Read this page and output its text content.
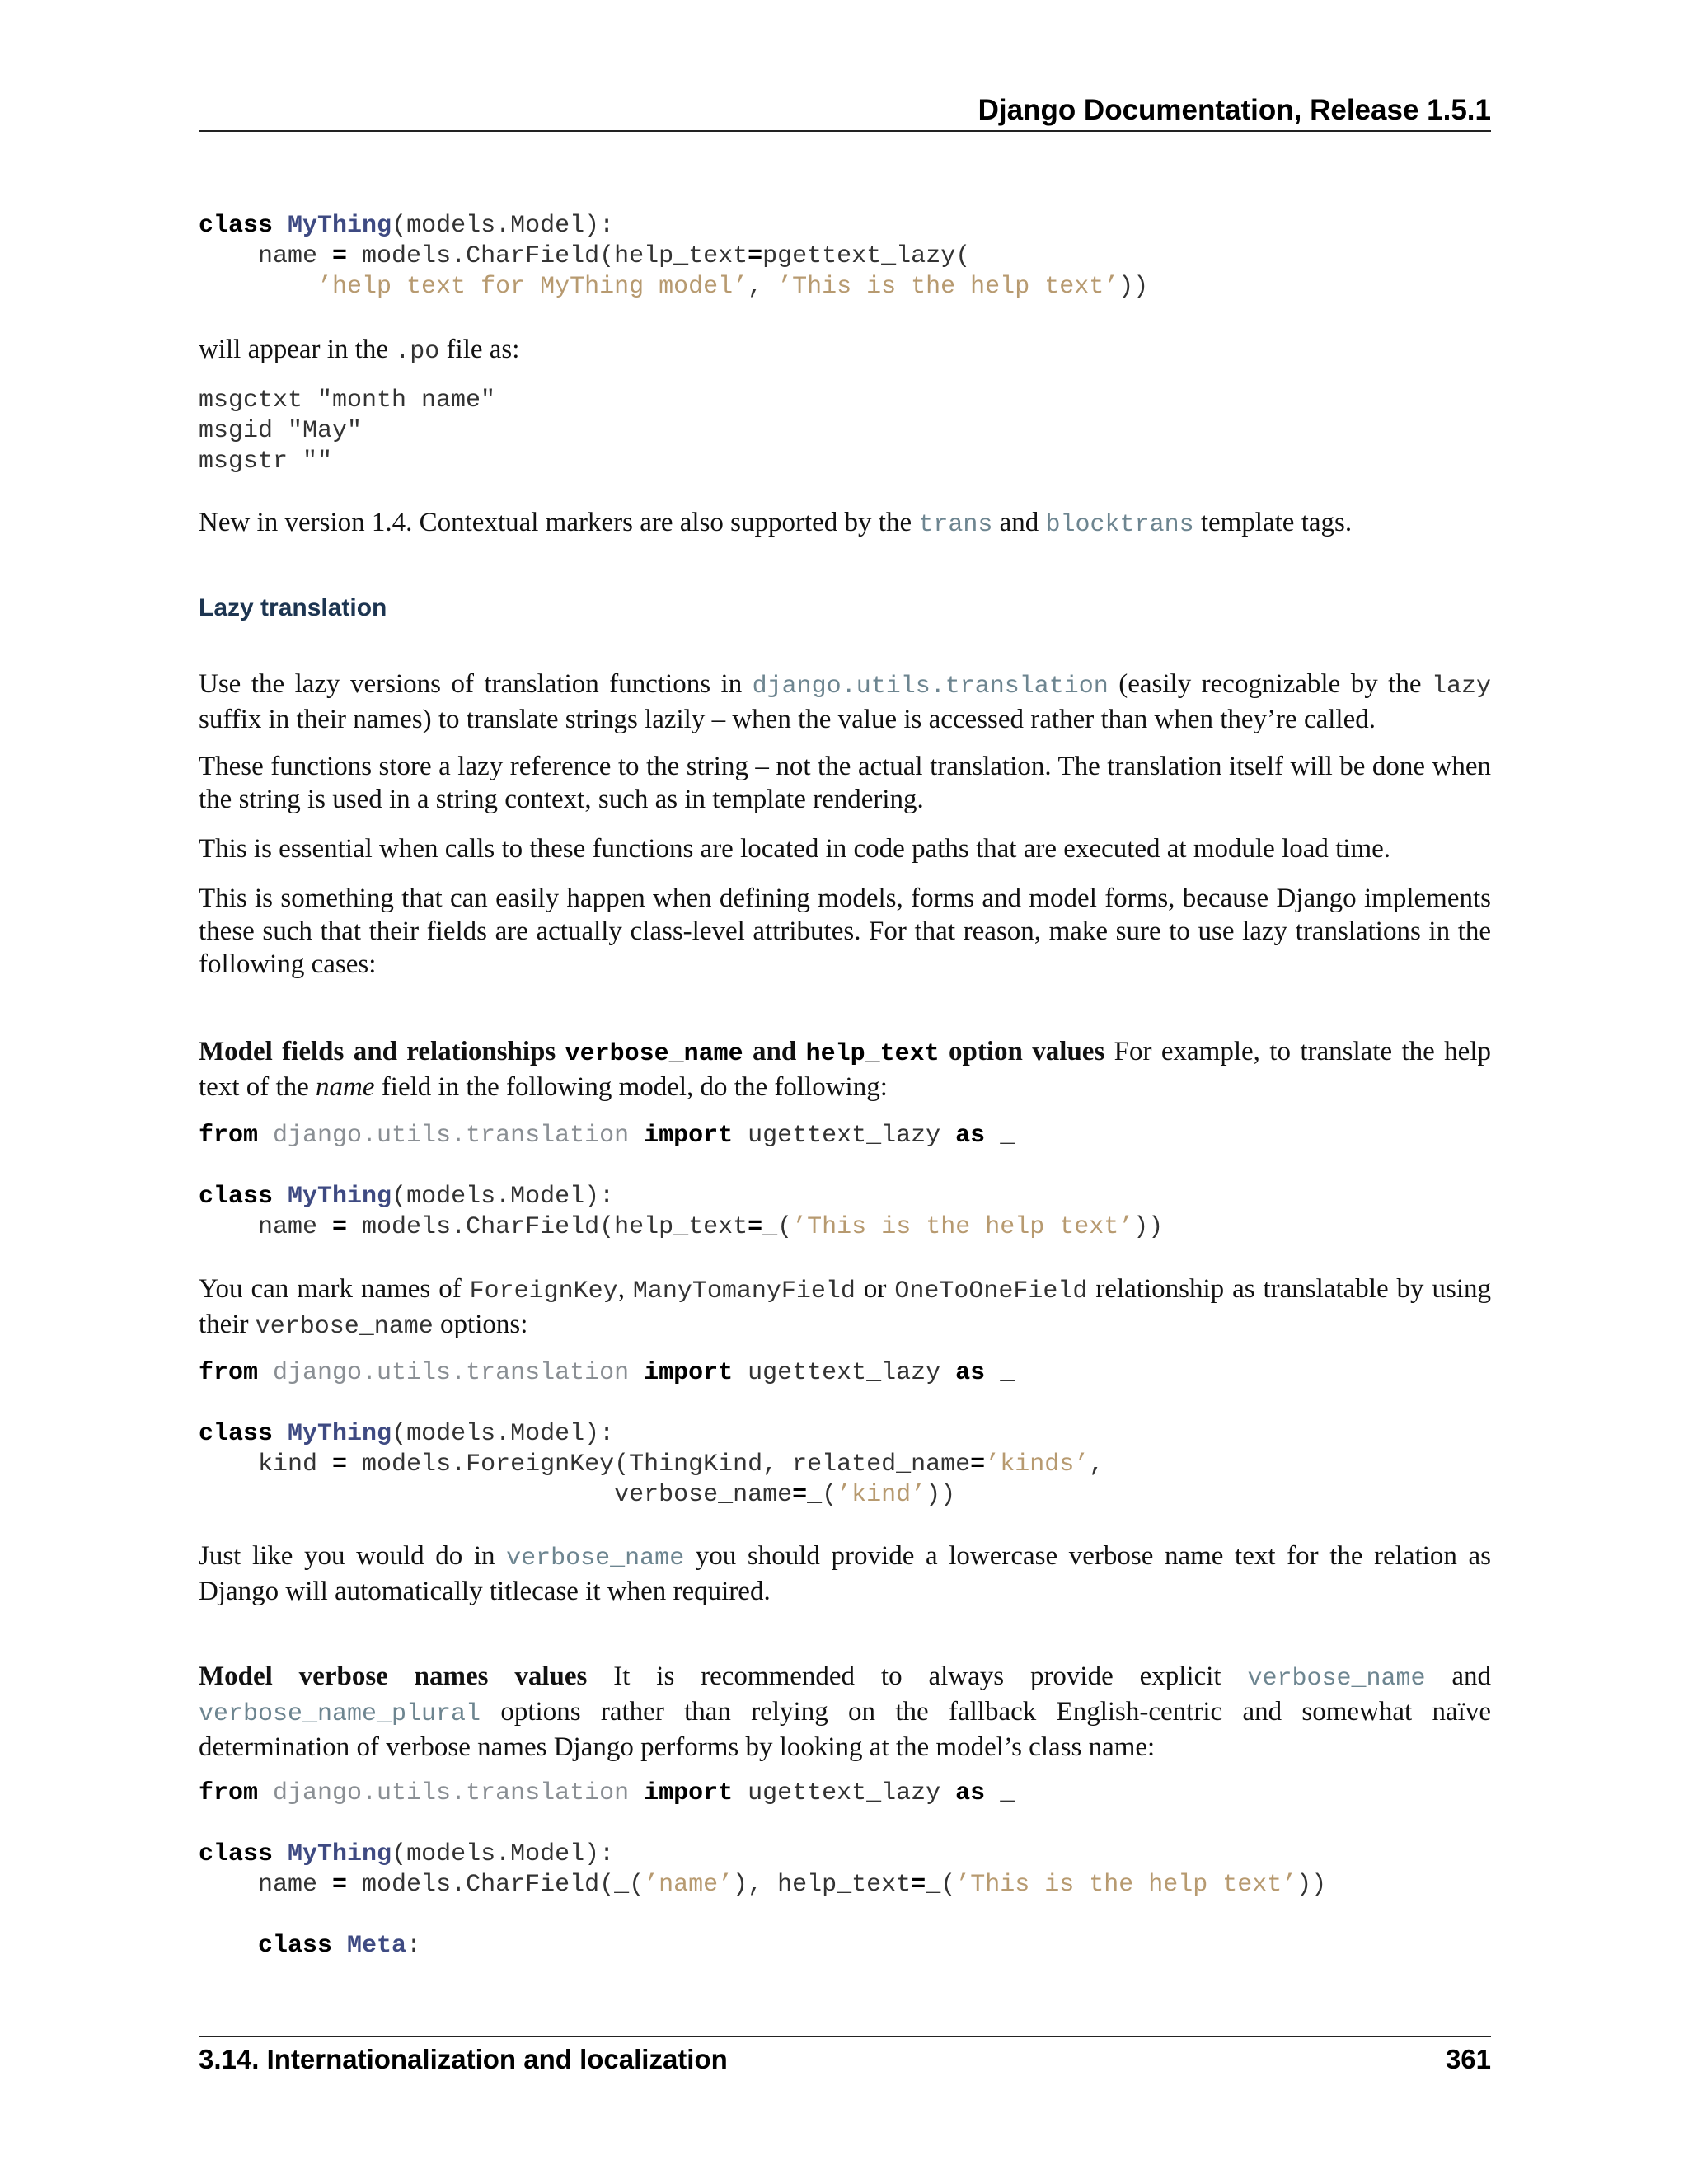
Django Documentation, Release 1.5.1
class MyThing(models.Model):
name = models.CharField(help_text=pgettext_lazy(
’help text for MyThing model’, ’This is the help text’))

will appear in the .po file as:

msgctxt "month name"
msgid "May"
msgstr ""

New in version 1.4. Contextual markers are also supported by the trans and blocktrans template tags.

Lazy translation

Use the lazy versions of translation functions in django.utils.translation (easily recognizable by the lazy suffix in their names) to translate strings lazily – when the value is accessed rather than when they’re called.

These functions store a lazy reference to the string – not the actual translation. The translation itself will be done when the string is used in a string context, such as in template rendering.

This is essential when calls to these functions are located in code paths that are executed at module load time.

This is something that can easily happen when defining models, forms and model forms, because Django implements these such that their fields are actually class-level attributes. For that reason, make sure to use lazy translations in the following cases:

Model fields and relationships verbose_name and help_text option values For example, to translate the help text of the name field in the following model, do the following:

from django.utils.translation import ugettext_lazy as _

class MyThing(models.Model):
name = models.CharField(help_text=_(’This is the help text’))

You can mark names of ForeignKey, ManyTomanyField or OneToOneField relationship as translatable by using their verbose_name options:

from django.utils.translation import ugettext_lazy as _

class MyThing(models.Model):
kind = models.ForeignKey(ThingKind, related_name=’kinds’,
verbose_name=_(’kind’))

Just like you would do in verbose_name you should provide a lowercase verbose name text for the relation as Django will automatically titlecase it when required.

Model verbose names values It is recommended to always provide explicit verbose_name and verbose_name_plural options rather than relying on the fallback English-centric and somewhat naïve determination of verbose names Django performs by looking at the model’s class name:

from django.utils.translation import ugettext_lazy as _

class MyThing(models.Model):
name = models.CharField(_(’name’), help_text=_(’This is the help text’))

class Meta:
3.14. Internationalization and localization	361
